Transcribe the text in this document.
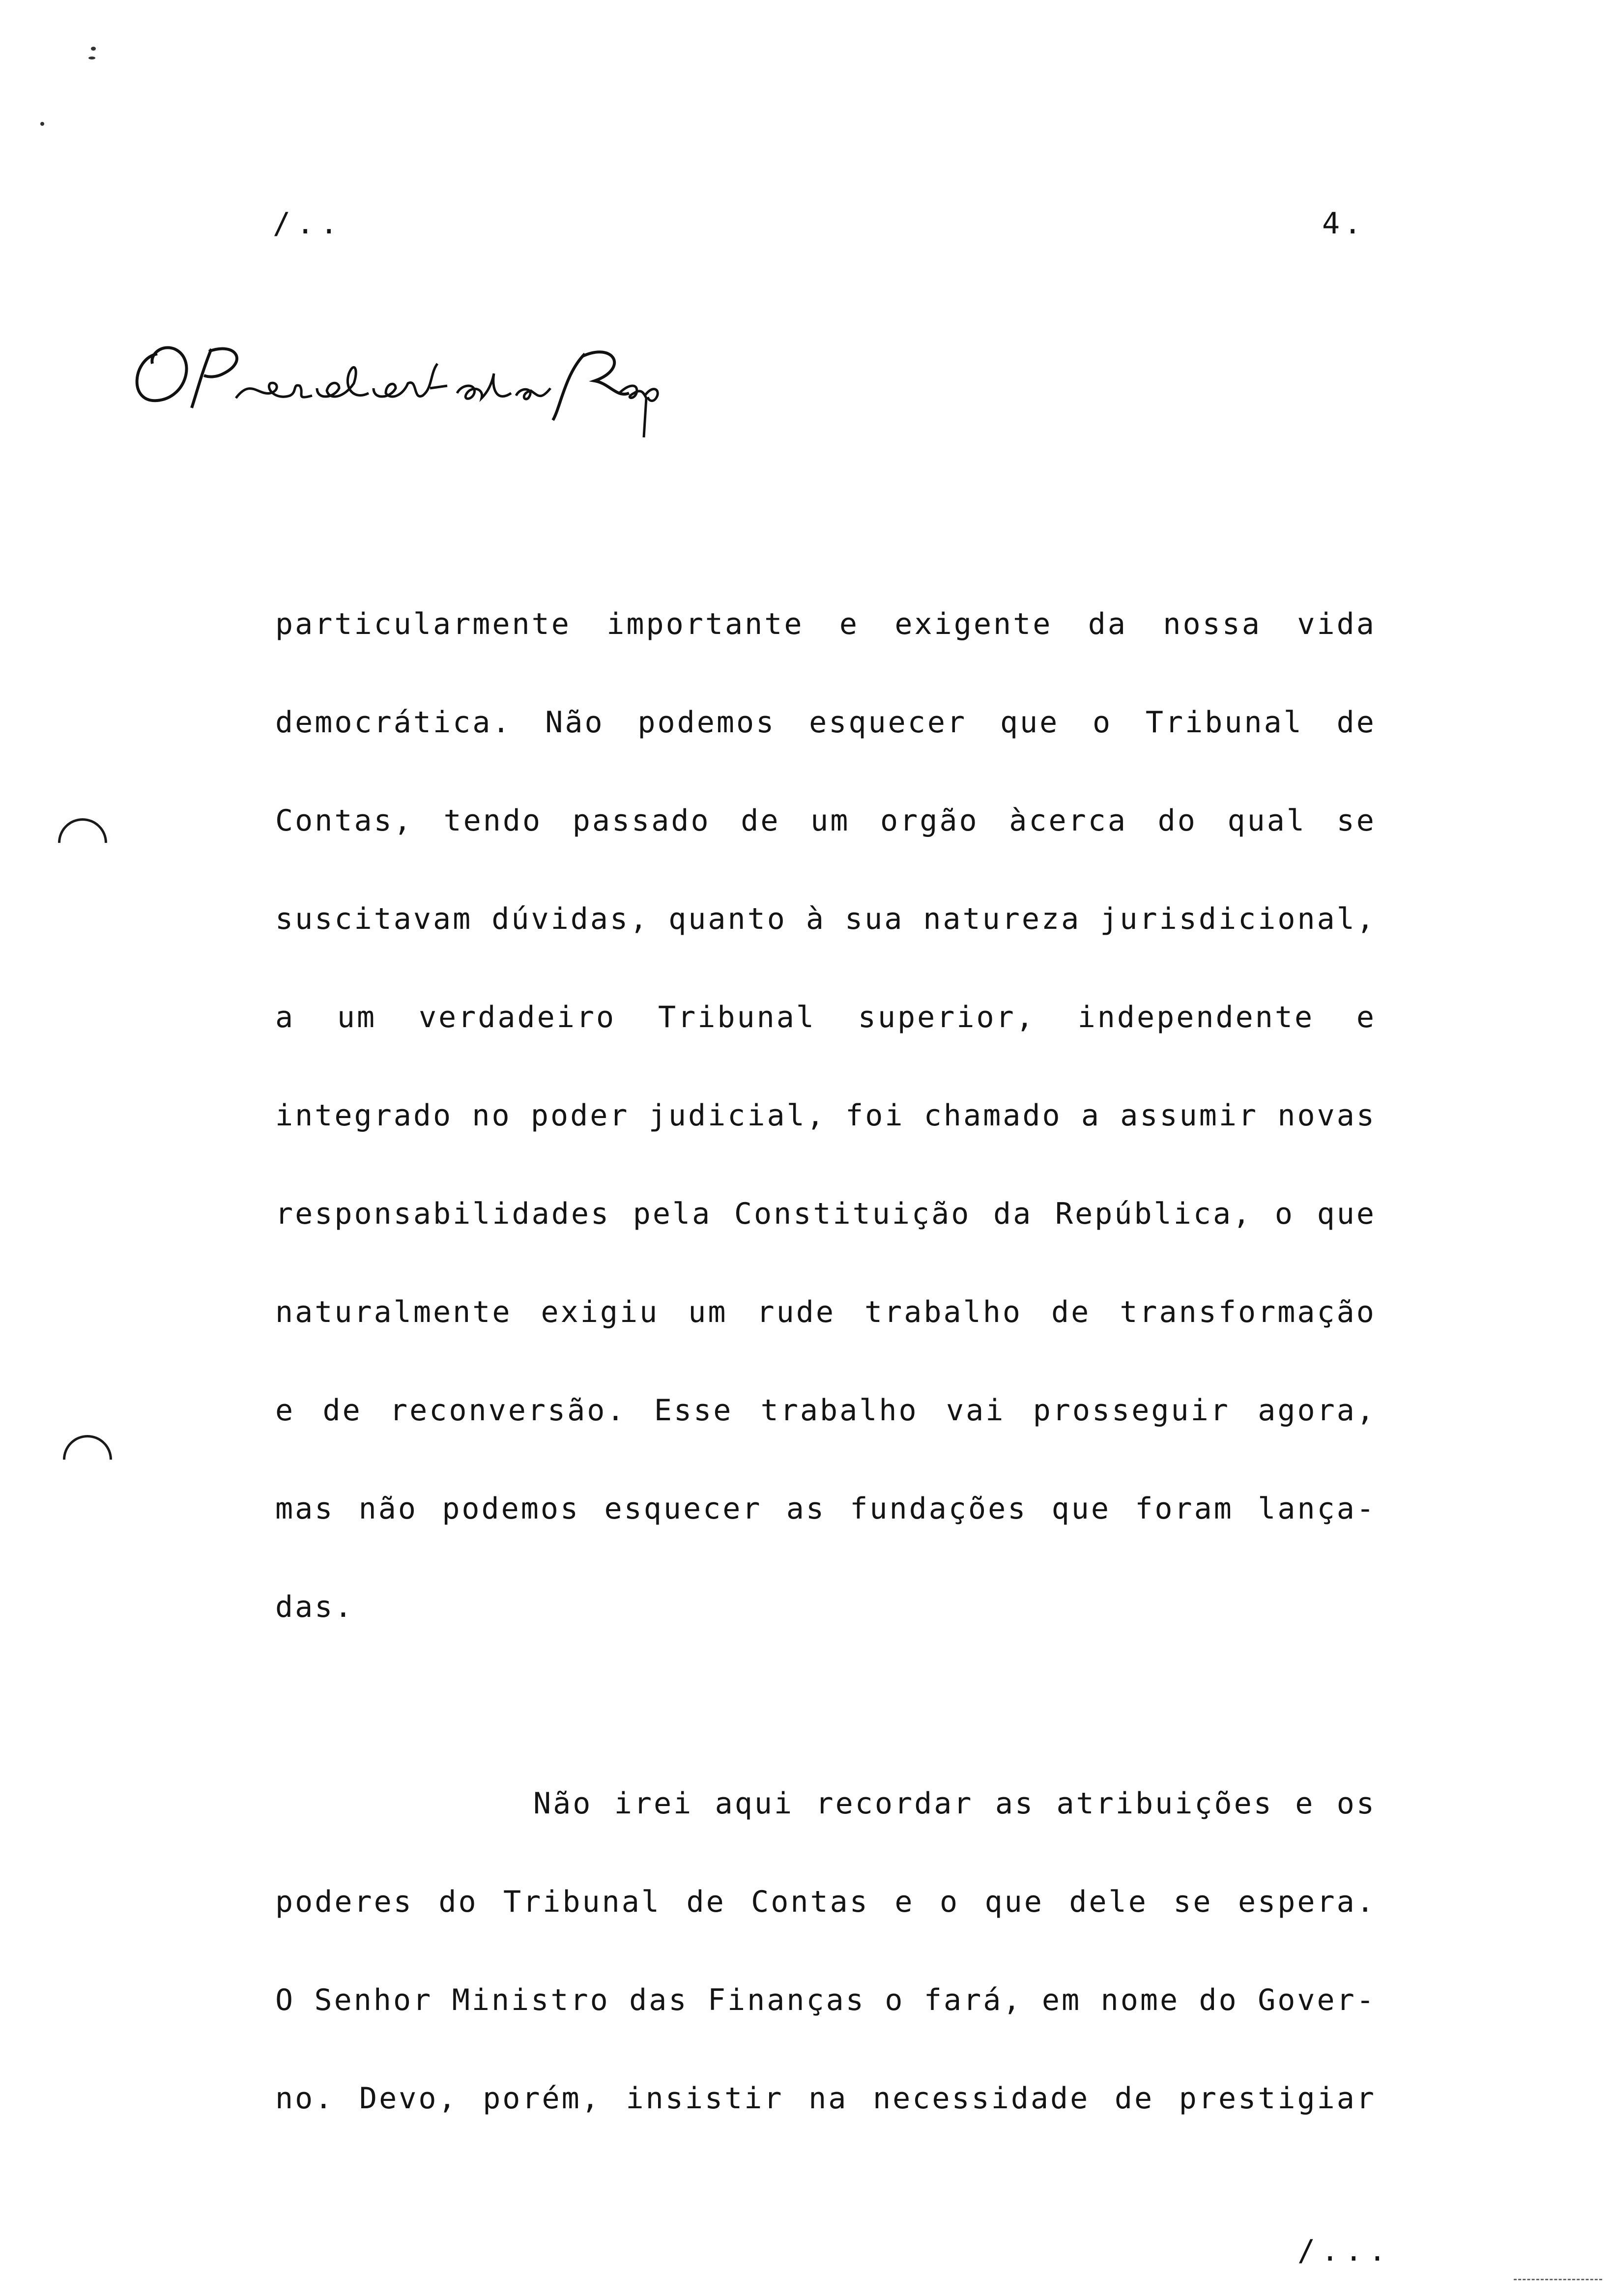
/..	4.
particularmente importante e exigente da nossa vida
democrática. Não podemos esquecer que o Tribunal de
Contas, tendo passado de um orgão àcerca do qual se
suscitavam dúvidas, quanto à sua natureza jurisdicional,
a um verdadeiro Tribunal superior, independente e
integrado no poder judicial, foi chamado a assumir novas
responsabilidades pela Constituição da República, o que
naturalmente exigiu um rude trabalho de transformação
e de reconversão. Esse trabalho vai prosseguir agora,
mas não podemos esquecer as fundações que foram lança-
das.
Não irei aqui recordar as atribuições e os
poderes do Tribunal de Contas e o que dele se espera.
O Senhor Ministro das Finanças o fará, em nome do Gover-
no. Devo, porém, insistir na necessidade de prestigiar
/...
